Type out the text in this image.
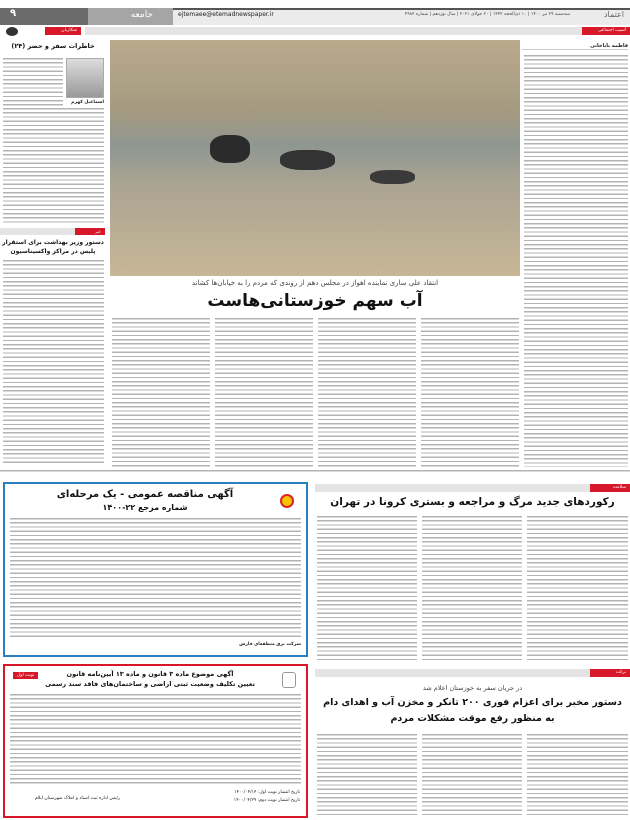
۹	جامعه	ejtemaee@etemadnewspaper.ir	سه‌شنبه ۲۹ تیر ۱۴۰۰ | ۱۰ ذی‌الحجه ۱۴۴۲ | ۲۰ جولای ۲۰۲۱ | سال نوزدهم | شماره ۴۹۸۲	اعتماد
شکاربان	آسیب اجتماعی
خاطرات سفر و حضر (۲۴)
اسماعیل کهرم
خبر
دستور وزیر بهداشت برای استقرار پلیس در مراکز واکسیناسیون
فاطمه باباخانی
انتقاد علی ساری نماینده اهواز در مجلس دهم از روندی که مردم را به خیابان‌ها کشاند
آب سهم خوزستانی‌هاست
آگهی مناقصه عمومی - یک مرحله‌ای
شماره مرجع ۲۲-۱۴۰۰
شرکت برق منطقه‌ای فارس
آگهی موضوع ماده ۳ قانون و ماده ۱۳ آیین‌نامه قانون
تعیین تکلیف وضعیت ثبتی اراضی و ساختمان‌های فاقد سند رسمی
نوبت اول
تاریخ انتشار نوبت اول: ۱۴۰۰/۰۴/۱۴
تاریخ انتشار نوبت دوم: ۱۴۰۰/۰۴/۲۹
رئیس اداره ثبت اسناد و املاک شهرستان ایلام
سلامت
رکوردهای جدید مرگ و مراجعه و بستری کرونا در تهران
برکت
در جریان سفر به خوزستان اعلام شد
دستور مخبر برای اعزام فوری ۲۰۰ تانکر و مخزن آب و اهدای دام
به منظور رفع موقت مشکلات مردم
